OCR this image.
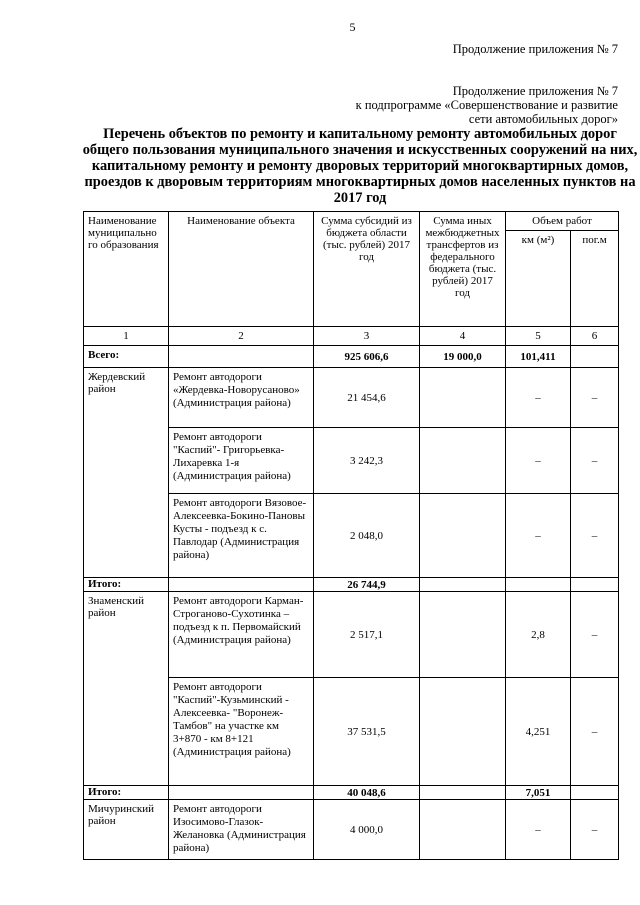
5
Продолжение приложения № 7
Продолжение приложения № 7
к подпрограмме «Совершенствование и развитие
сети автомобильных дорог»
Перечень объектов по ремонту и капитальному ремонту автомобильных дорог общего пользования муниципального значения и искусственных сооружений на них, капитальному ремонту и ремонту дворовых территорий многоквартирных домов, проездов к дворовым территориям многоквартирных домов населенных пунктов на 2017 год
Наименование муниципально го образования	Наименование объекта	Сумма субсидий из бюджета области (тыс. рублей) 2017 год	Сумма иных межбюджетных трансфертов из федерального бюджета (тыс. рублей) 2017 год	Объем работ	
				км (м²)	пог.м
1	2	3	4	5	6
Всего:		925 606,6	19 000,0	101,411	
Жердевский район	Ремонт автодороги «Жердевка-Новорусаново» (Администрация района)	21 454,6		–	–
	Ремонт автодороги "Каспий"- Григорьевка-Лихаревка 1-я (Администрация района)	3 242,3		–	–
	Ремонт автодороги Вязовое- Алексеевка-Бокино-Пановы Кусты - подъезд к с. Павлодар (Администрация района)	2 048,0		–	–
Итого:		26 744,9			
Знаменский район	Ремонт автодороги Карман-Строганово-Сухотинка – подъезд к п. Первомайский (Администрация района)	2 517,1		2,8	–
	Ремонт автодороги "Каспий"-Кузьминский - Алексеевка- "Воронеж-Тамбов" на участке км 3+870 - км 8+121 (Администрация района)	37 531,5		4,251	–
Итого:		40 048,6		7,051	
Мичуринский район	Ремонт автодороги Изосимово-Глазок-Желановка (Администрация района)	4 000,0		–	–
